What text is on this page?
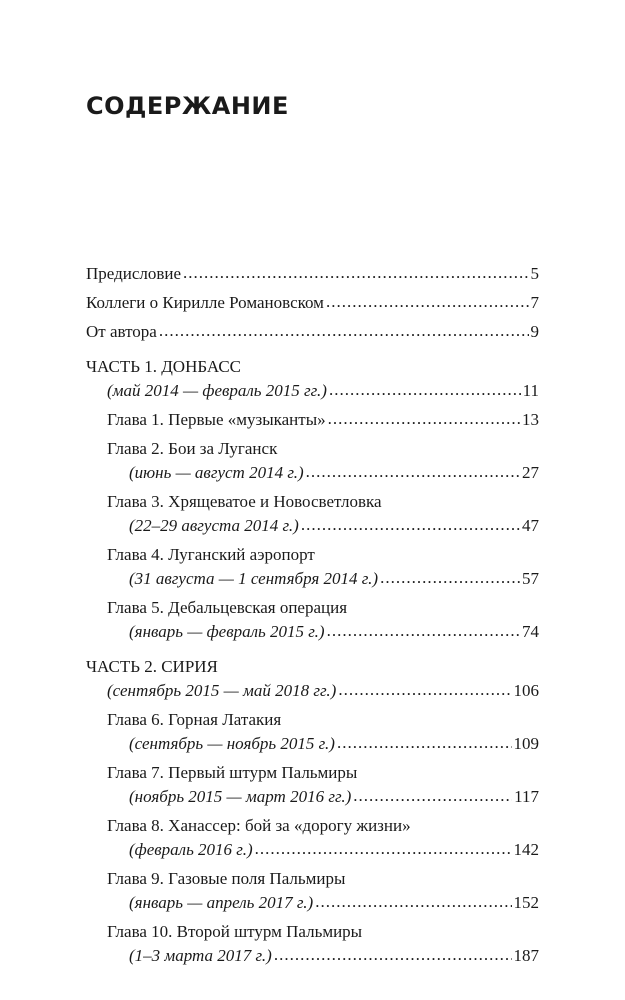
СОДЕРЖАНИЕ
Предисловие .....	5
Коллеги о Кирилле Романовском .....	7
От автора .....	9
ЧАСТЬ 1. ДОНБАСС
(май 2014 — февраль 2015 гг.) .....	11
Глава 1. Первые «музыканты» .....	13
Глава 2. Бои за Луганск
(июнь — август 2014 г.) .....	27
Глава 3. Хрящеватое и Новосветловка
(22–29 августа 2014 г.) .....	47
Глава 4. Луганский аэропорт
(31 августа — 1 сентября 2014 г.) .....	57
Глава 5. Дебальцевская операция
(январь — февраль 2015 г.) .....	74
ЧАСТЬ 2. СИРИЯ
(сентябрь 2015 — май 2018 гг.) .....	106
Глава 6. Горная Латакия
(сентябрь — ноябрь 2015 г.) .....	109
Глава 7. Первый штурм Пальмиры
(ноябрь 2015 — март 2016 гг.) .....	117
Глава 8. Ханассер: бой за «дорогу жизни»
(февраль 2016 г.) .....	142
Глава 9. Газовые поля Пальмиры
(январь — апрель 2017 г.) .....	152
Глава 10. Второй штурм Пальмиры
(1–3 марта 2017 г.) .....	187
